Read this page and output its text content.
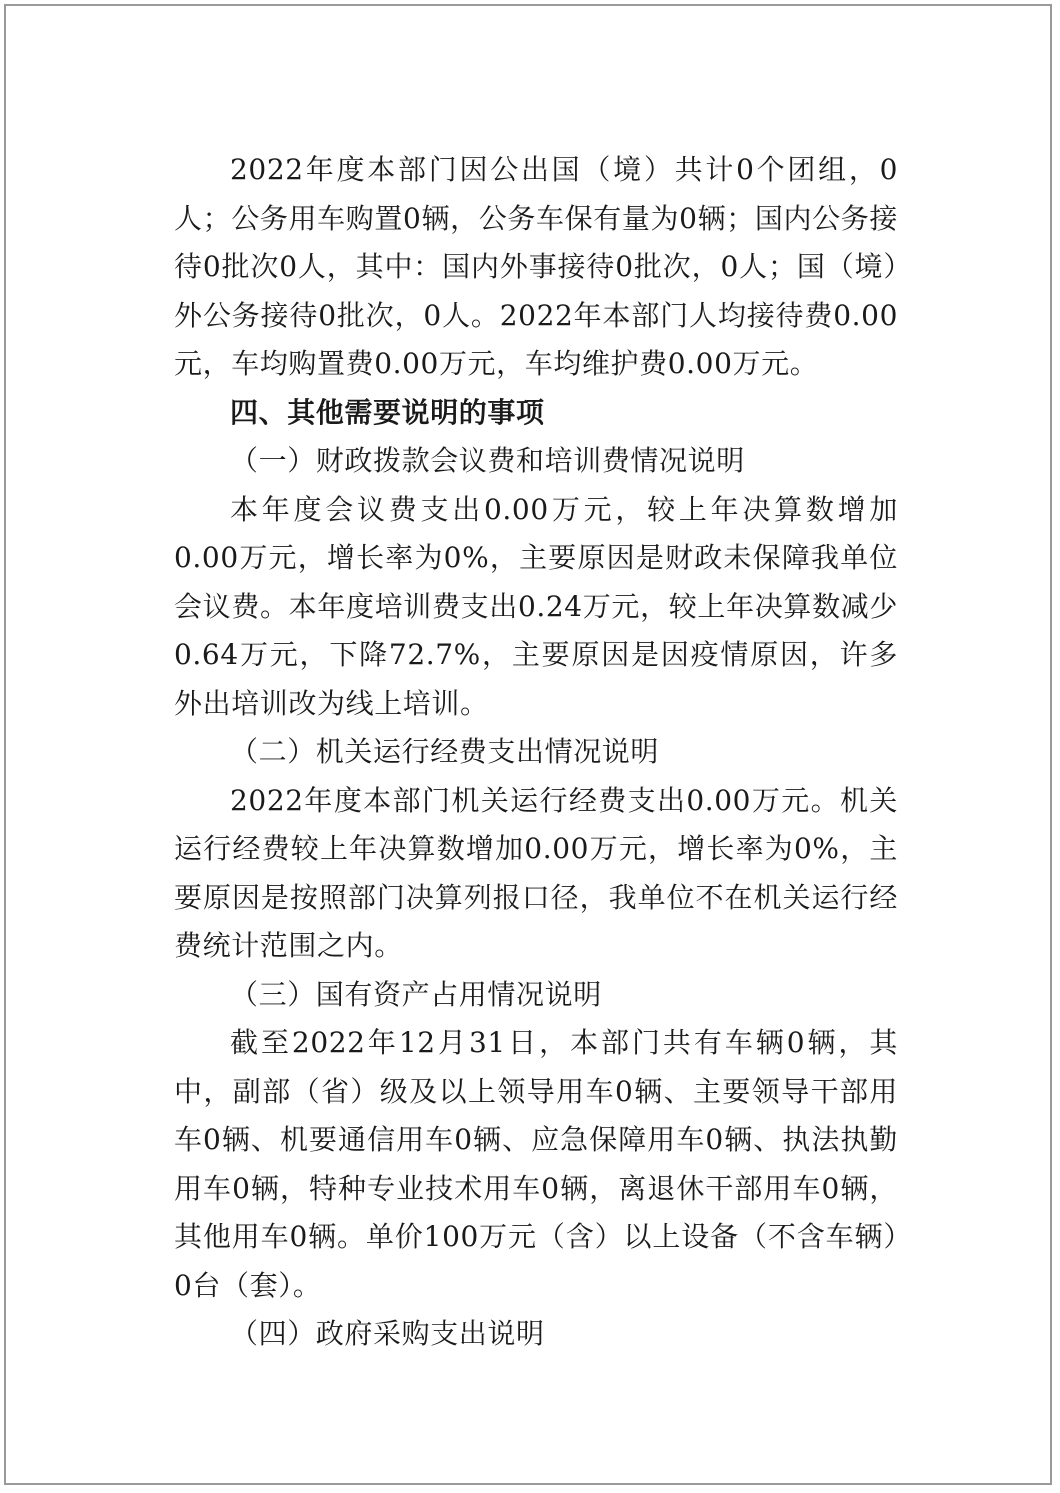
2022年度本部门因公出国（境）共计0个团组，0人；公务用车购置0辆，公务车保有量为0辆；国内公务接待0批次0人，其中：国内外事接待0批次，0人；国（境）外公务接待0批次，0人。2022年本部门人均接待费0.00元，车均购置费0.00万元，车均维护费0.00万元。

四、其他需要说明的事项

（一）财政拨款会议费和培训费情况说明

本年度会议费支出0.00万元，较上年决算数增加0.00万元，增长率为0%，主要原因是财政未保障我单位会议费。本年度培训费支出0.24万元，较上年决算数减少0.64万元，下降72.7%，主要原因是因疫情原因，许多外出培训改为线上培训。

（二）机关运行经费支出情况说明

2022年度本部门机关运行经费支出0.00万元。机关运行经费较上年决算数增加0.00万元，增长率为0%，主要原因是按照部门决算列报口径，我单位不在机关运行经费统计范围之内。

（三）国有资产占用情况说明

截至2022年12月31日，本部门共有车辆0辆，其中，副部（省）级及以上领导用车0辆、主要领导干部用车0辆、机要通信用车0辆、应急保障用车0辆、执法执勤用车0辆，特种专业技术用车0辆，离退休干部用车0辆，其他用车0辆。单价100万元（含）以上设备（不含车辆）0台（套）。

（四）政府采购支出说明
